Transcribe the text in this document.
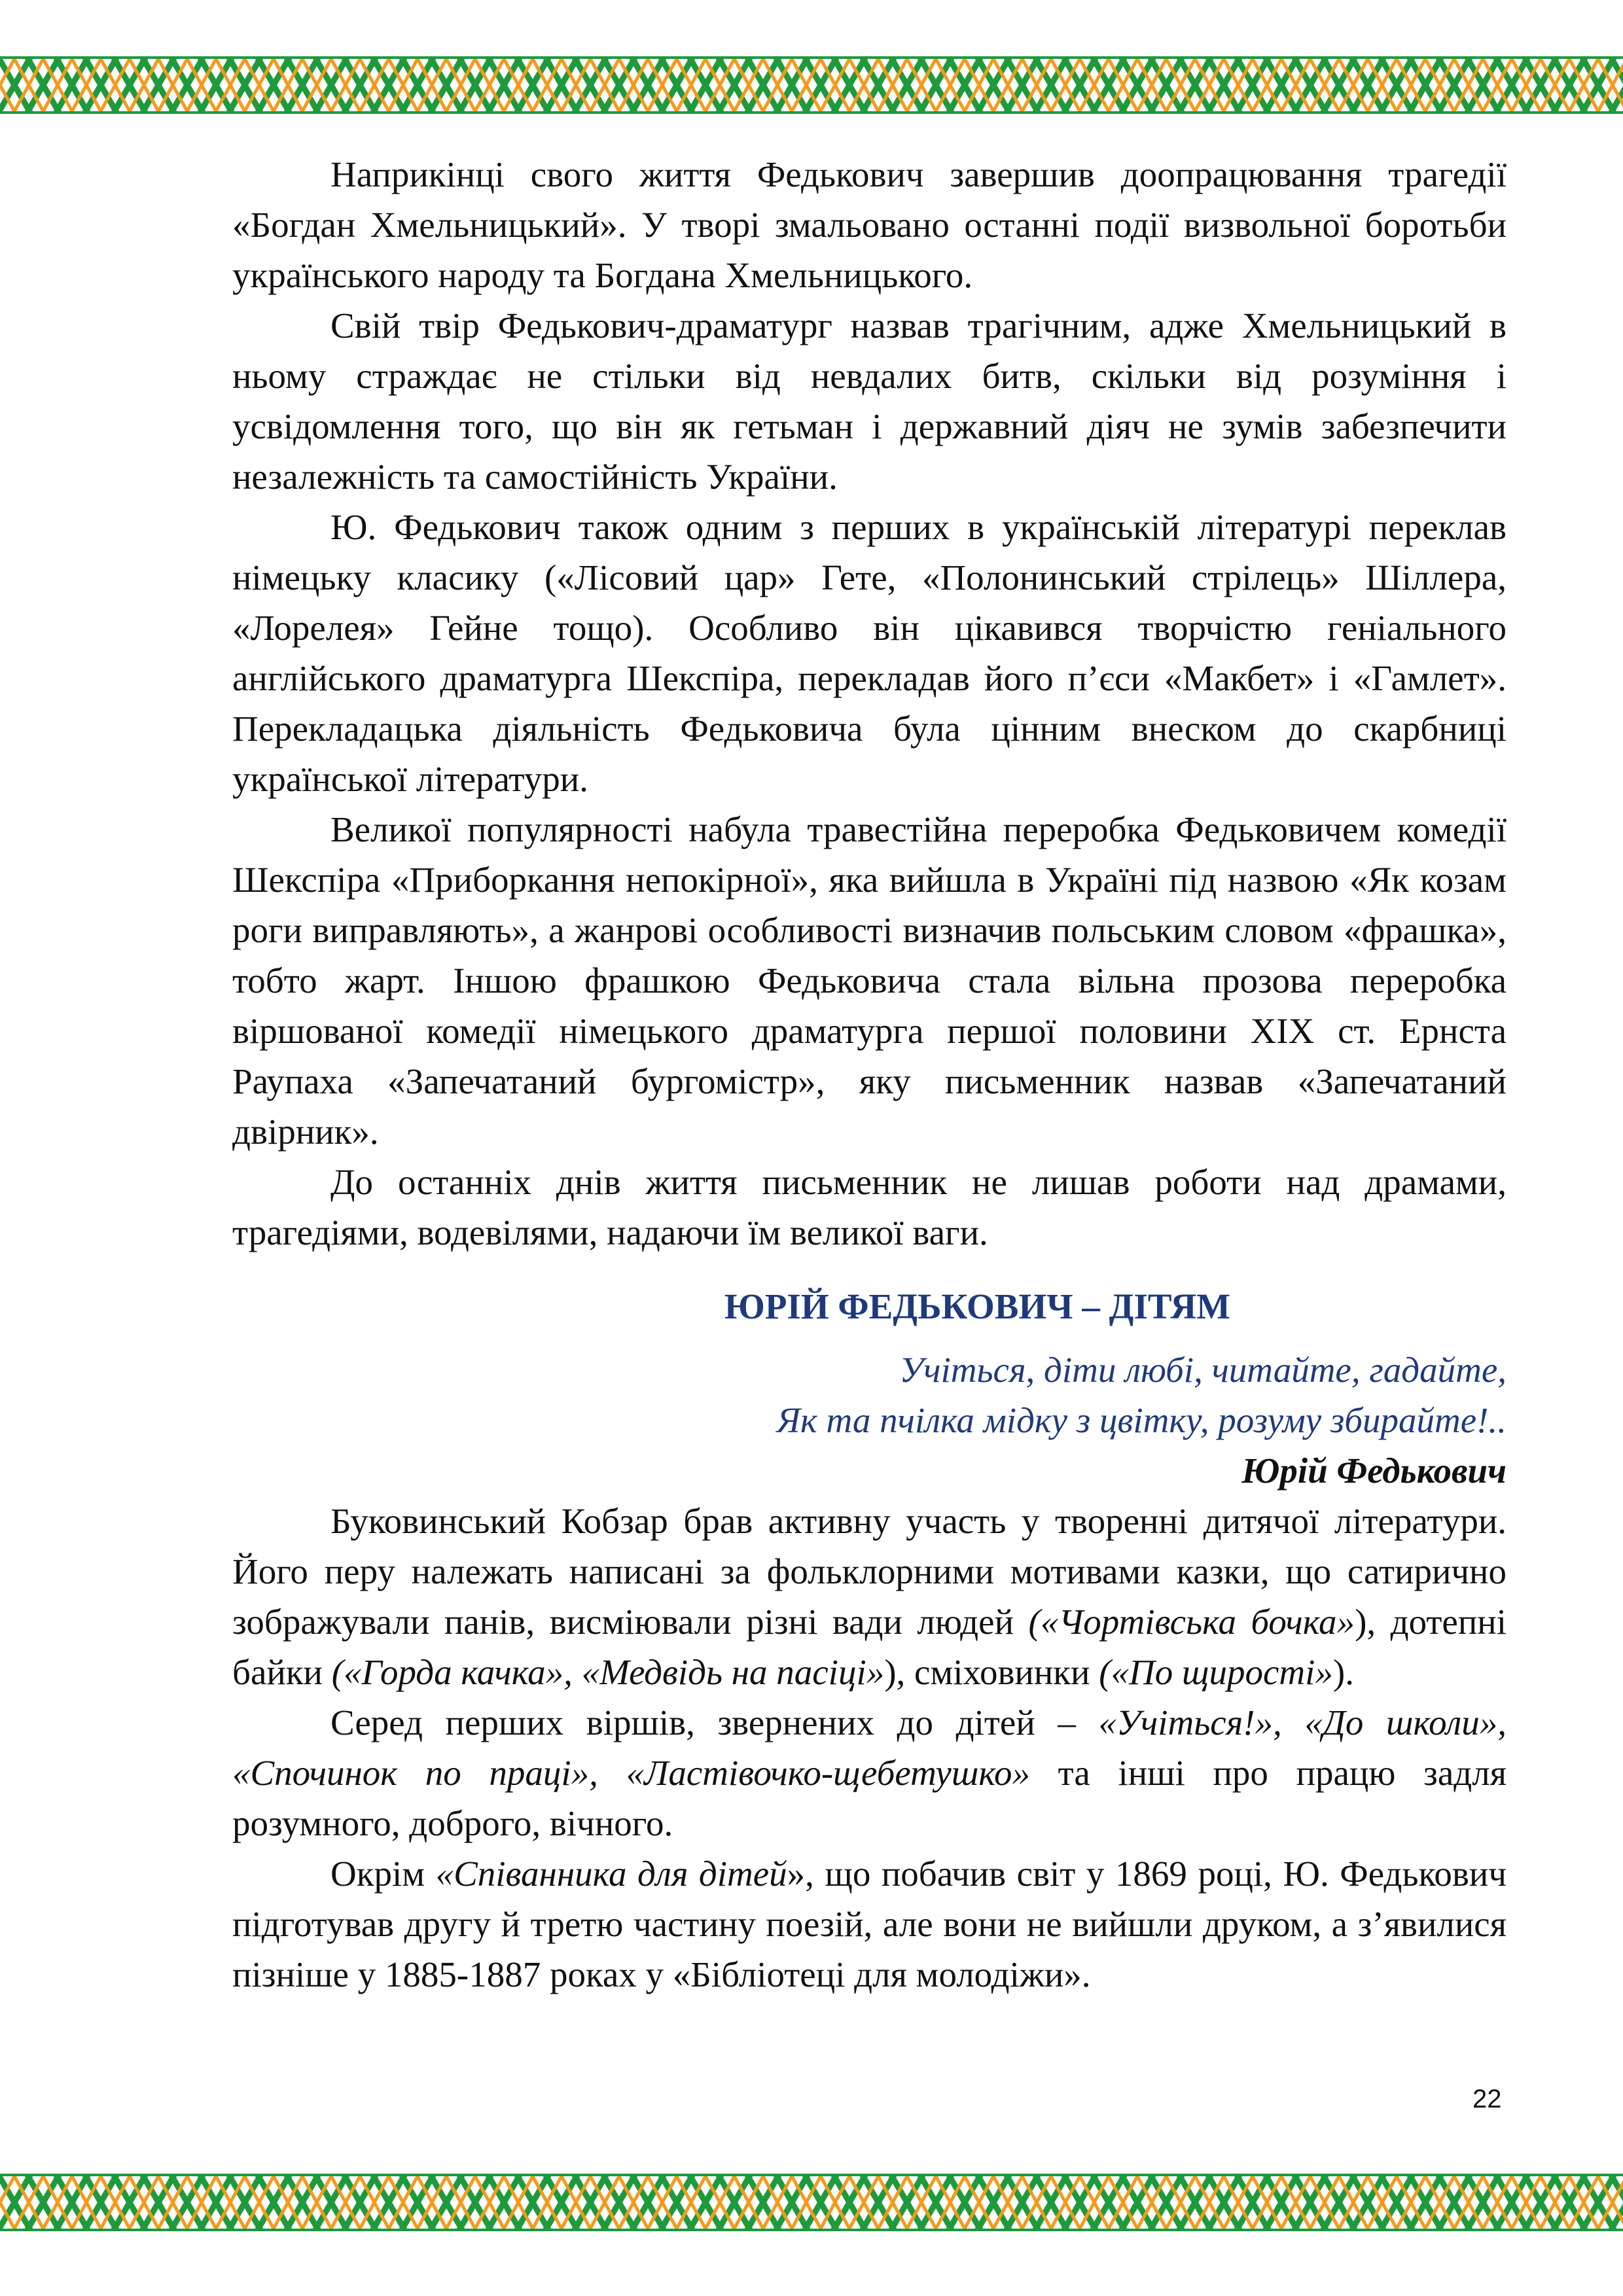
Наприкінці свого життя Федькович завершив доопрацювання трагедії «Богдан Хмельницький». У творі змальовано останні події визвольної боротьби українського народу та Богдана Хмельницького.

Свій твір Федькович-драматург назвав трагічним, адже Хмельницький в ньому страждає не стільки від невдалих битв, скільки від розуміння і усвідомлення того, що він як гетьман і державний діяч не зумів забезпечити незалежність та самостійність України.

Ю. Федькович також одним з перших в українській літературі переклав німецьку класику («Лісовий цар» Гете, «Полонинський стрілець» Шіллера, «Лорелея» Гейне тощо). Особливо він цікавився творчістю геніального англійського драматурга Шекспіра, перекладав його п’єси «Макбет» і «Гамлет». Перекладацька діяльність Федьковича була цінним внеском до скарбниці української літератури.

Великої популярності набула травестійна переробка Федьковичем комедії Шекспіра «Приборкання непокірної», яка вийшла в Україні під назвою «Як козам роги виправляють», а жанрові особливості визначив польським словом «фрашка», тобто жарт. Іншою фрашкою Федьковича стала вільна прозова переробка віршованої комедії німецького драматурга першої половини XIX ст. Ернста Раупаха «Запечатаний бургомістр», яку письменник назвав «Запечатаний двірник».

До останніх днів життя письменник не лишав роботи над драмами, трагедіями, водевілями, надаючи їм великої ваги.

ЮРІЙ ФЕДЬКОВИЧ – ДІТЯМ
Учіться, діти любі, читайте, гадайте,
Як та пчілка мідку з цвітку, розуму збирайте!..
Юрій Федькович

Буковинський Кобзар брав активну участь у творенні дитячої літератури. Його перу належать написані за фольклорними мотивами казки, що сатирично зображували панів, висміювали різні вади людей («Чортівська бочка»), дотепні байки («Горда качка», «Медвідь на пасіці»), сміховинки («По щирості»).

Серед перших віршів, звернених до дітей – «Учіться!», «До школи», «Спочинок по праці», «Ластівочко-щебетушко» та інші про працю задля розумного, доброго, вічного.

Окрім «Співанника для дітей», що побачив світ у 1869 році, Ю. Федькович підготував другу й третю частину поезій, але вони не вийшли друком, а з’явилися пізніше у 1885-1887 роках у «Бібліотеці для молодіжи».

22
